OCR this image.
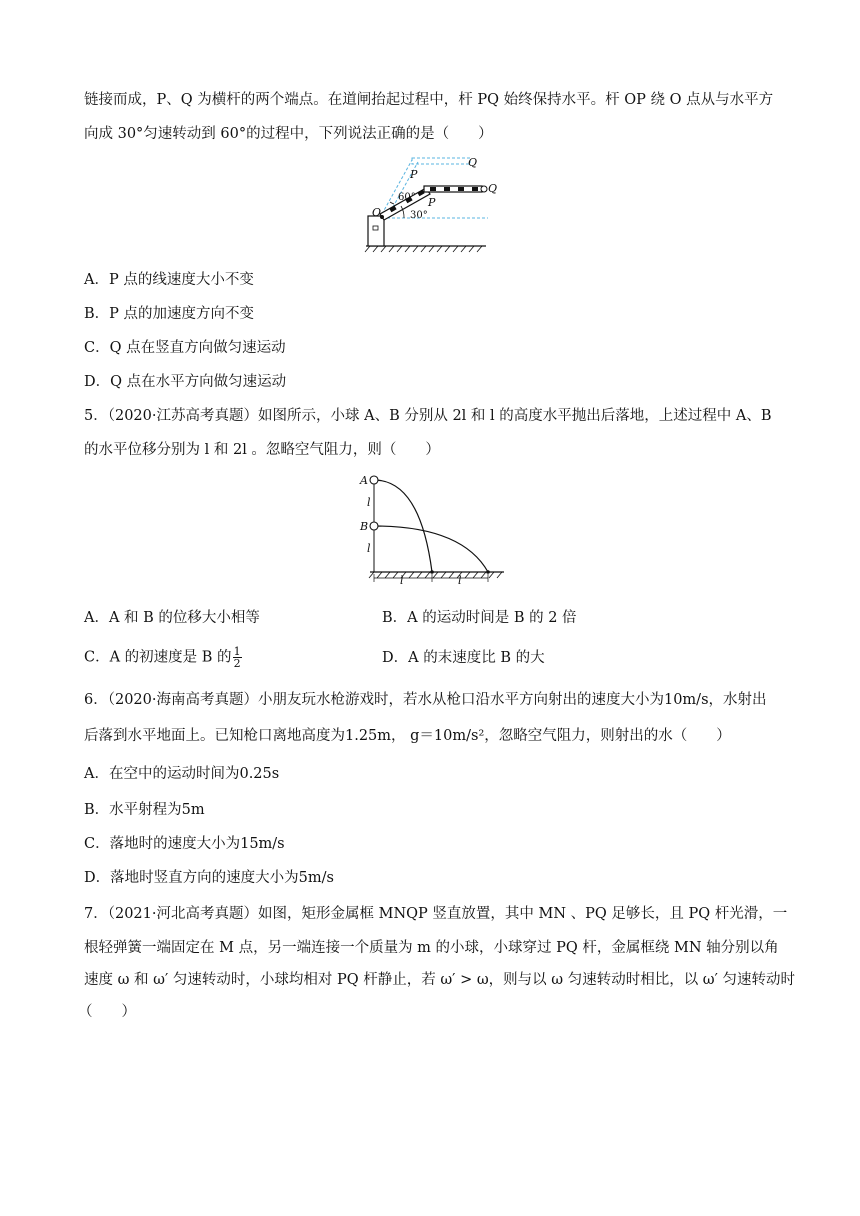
链接而成，P、Q 为横杆的两个端点。在道闸抬起过程中，杆 PQ 始终保持水平。杆 OP 绕 O 点从与水平方
向成 30°匀速转动到 60°的过程中，下列说法正确的是（　　）
Q
P
60°
Q
P
O	30°
A．P 点的线速度大小不变
B．P 点的加速度方向不变
C．Q 点在竖直方向做匀速运动
D．Q 点在水平方向做匀速运动
5．（2020·江苏高考真题）如图所示，小球 A、B 分别从 2l 和 l 的高度水平抛出后落地，上述过程中 A、B
的水平位移分别为 l 和 2l 。忽略空气阻力，则（　　）
A
B
l
l
l	l
A．A 和 B 的位移大小相等	B．A 的运动时间是 B 的 2 倍
C．A 的初速度是 B 的 $\frac{1}{2}$	D．A 的末速度比 B 的大
6．（2020·海南高考真题）小朋友玩水枪游戏时，若水从枪口沿水平方向射出的速度大小为10m/s，水射出
后落到水平地面上。已知枪口离地高度为1.25m， g＝10m/s²，忽略空气阻力，则射出的水（　　）
A．在空中的运动时间为0.25s
B．水平射程为5m
C．落地时的速度大小为15m/s
D．落地时竖直方向的速度大小为5m/s
7．（2021·河北高考真题）如图，矩形金属框 MNQP 竖直放置，其中 MN 、PQ 足够长，且 PQ 杆光滑，一
根轻弹簧一端固定在 M 点，另一端连接一个质量为 m 的小球，小球穿过 PQ 杆，金属框绕 MN 轴分别以角
速度 ω 和 ω′ 匀速转动时，小球均相对 PQ 杆静止，若 ω′ > ω，则与以 ω 匀速转动时相比，以 ω′ 匀速转动时
（　　）
